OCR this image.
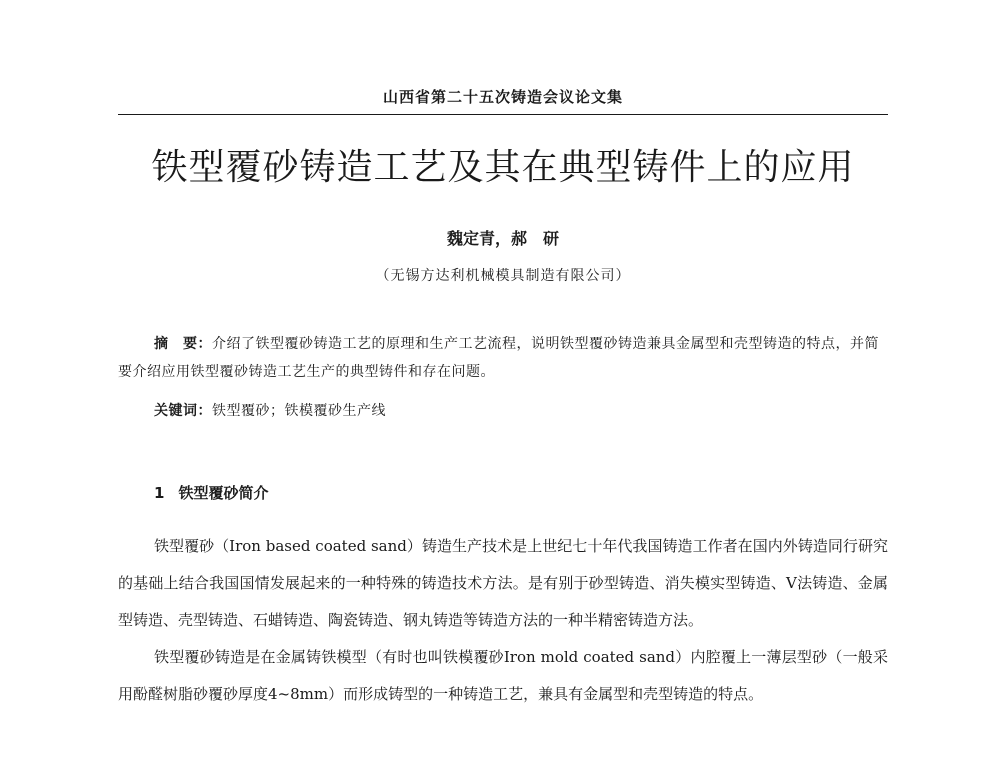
山西省第二十五次铸造会议论文集
铁型覆砂铸造工艺及其在典型铸件上的应用
魏定青，郝　研
（无锡方达利机械模具制造有限公司）
摘　要：介绍了铁型覆砂铸造工艺的原理和生产工艺流程，说明铁型覆砂铸造兼具金属型和壳型铸造的特点，并简要介绍应用铁型覆砂铸造工艺生产的典型铸件和存在问题。
关键词：铁型覆砂；铁模覆砂生产线
1 铁型覆砂简介

铁型覆砂（Iron based coated sand）铸造生产技术是上世纪七十年代我国铸造工作者在国内外铸造同行研究的基础上结合我国国情发展起来的一种特殊的铸造技术方法。是有别于砂型铸造、消失模实型铸造、V法铸造、金属型铸造、壳型铸造、石蜡铸造、陶瓷铸造、钢丸铸造等铸造方法的一种半精密铸造方法。

铁型覆砂铸造是在金属铸铁模型（有时也叫铁模覆砂Iron mold coated sand）内腔覆上一薄层型砂（一般采用酚醛树脂砂覆砂厚度4~8mm）而形成铸型的一种铸造工艺，兼具有金属型和壳型铸造的特点。
